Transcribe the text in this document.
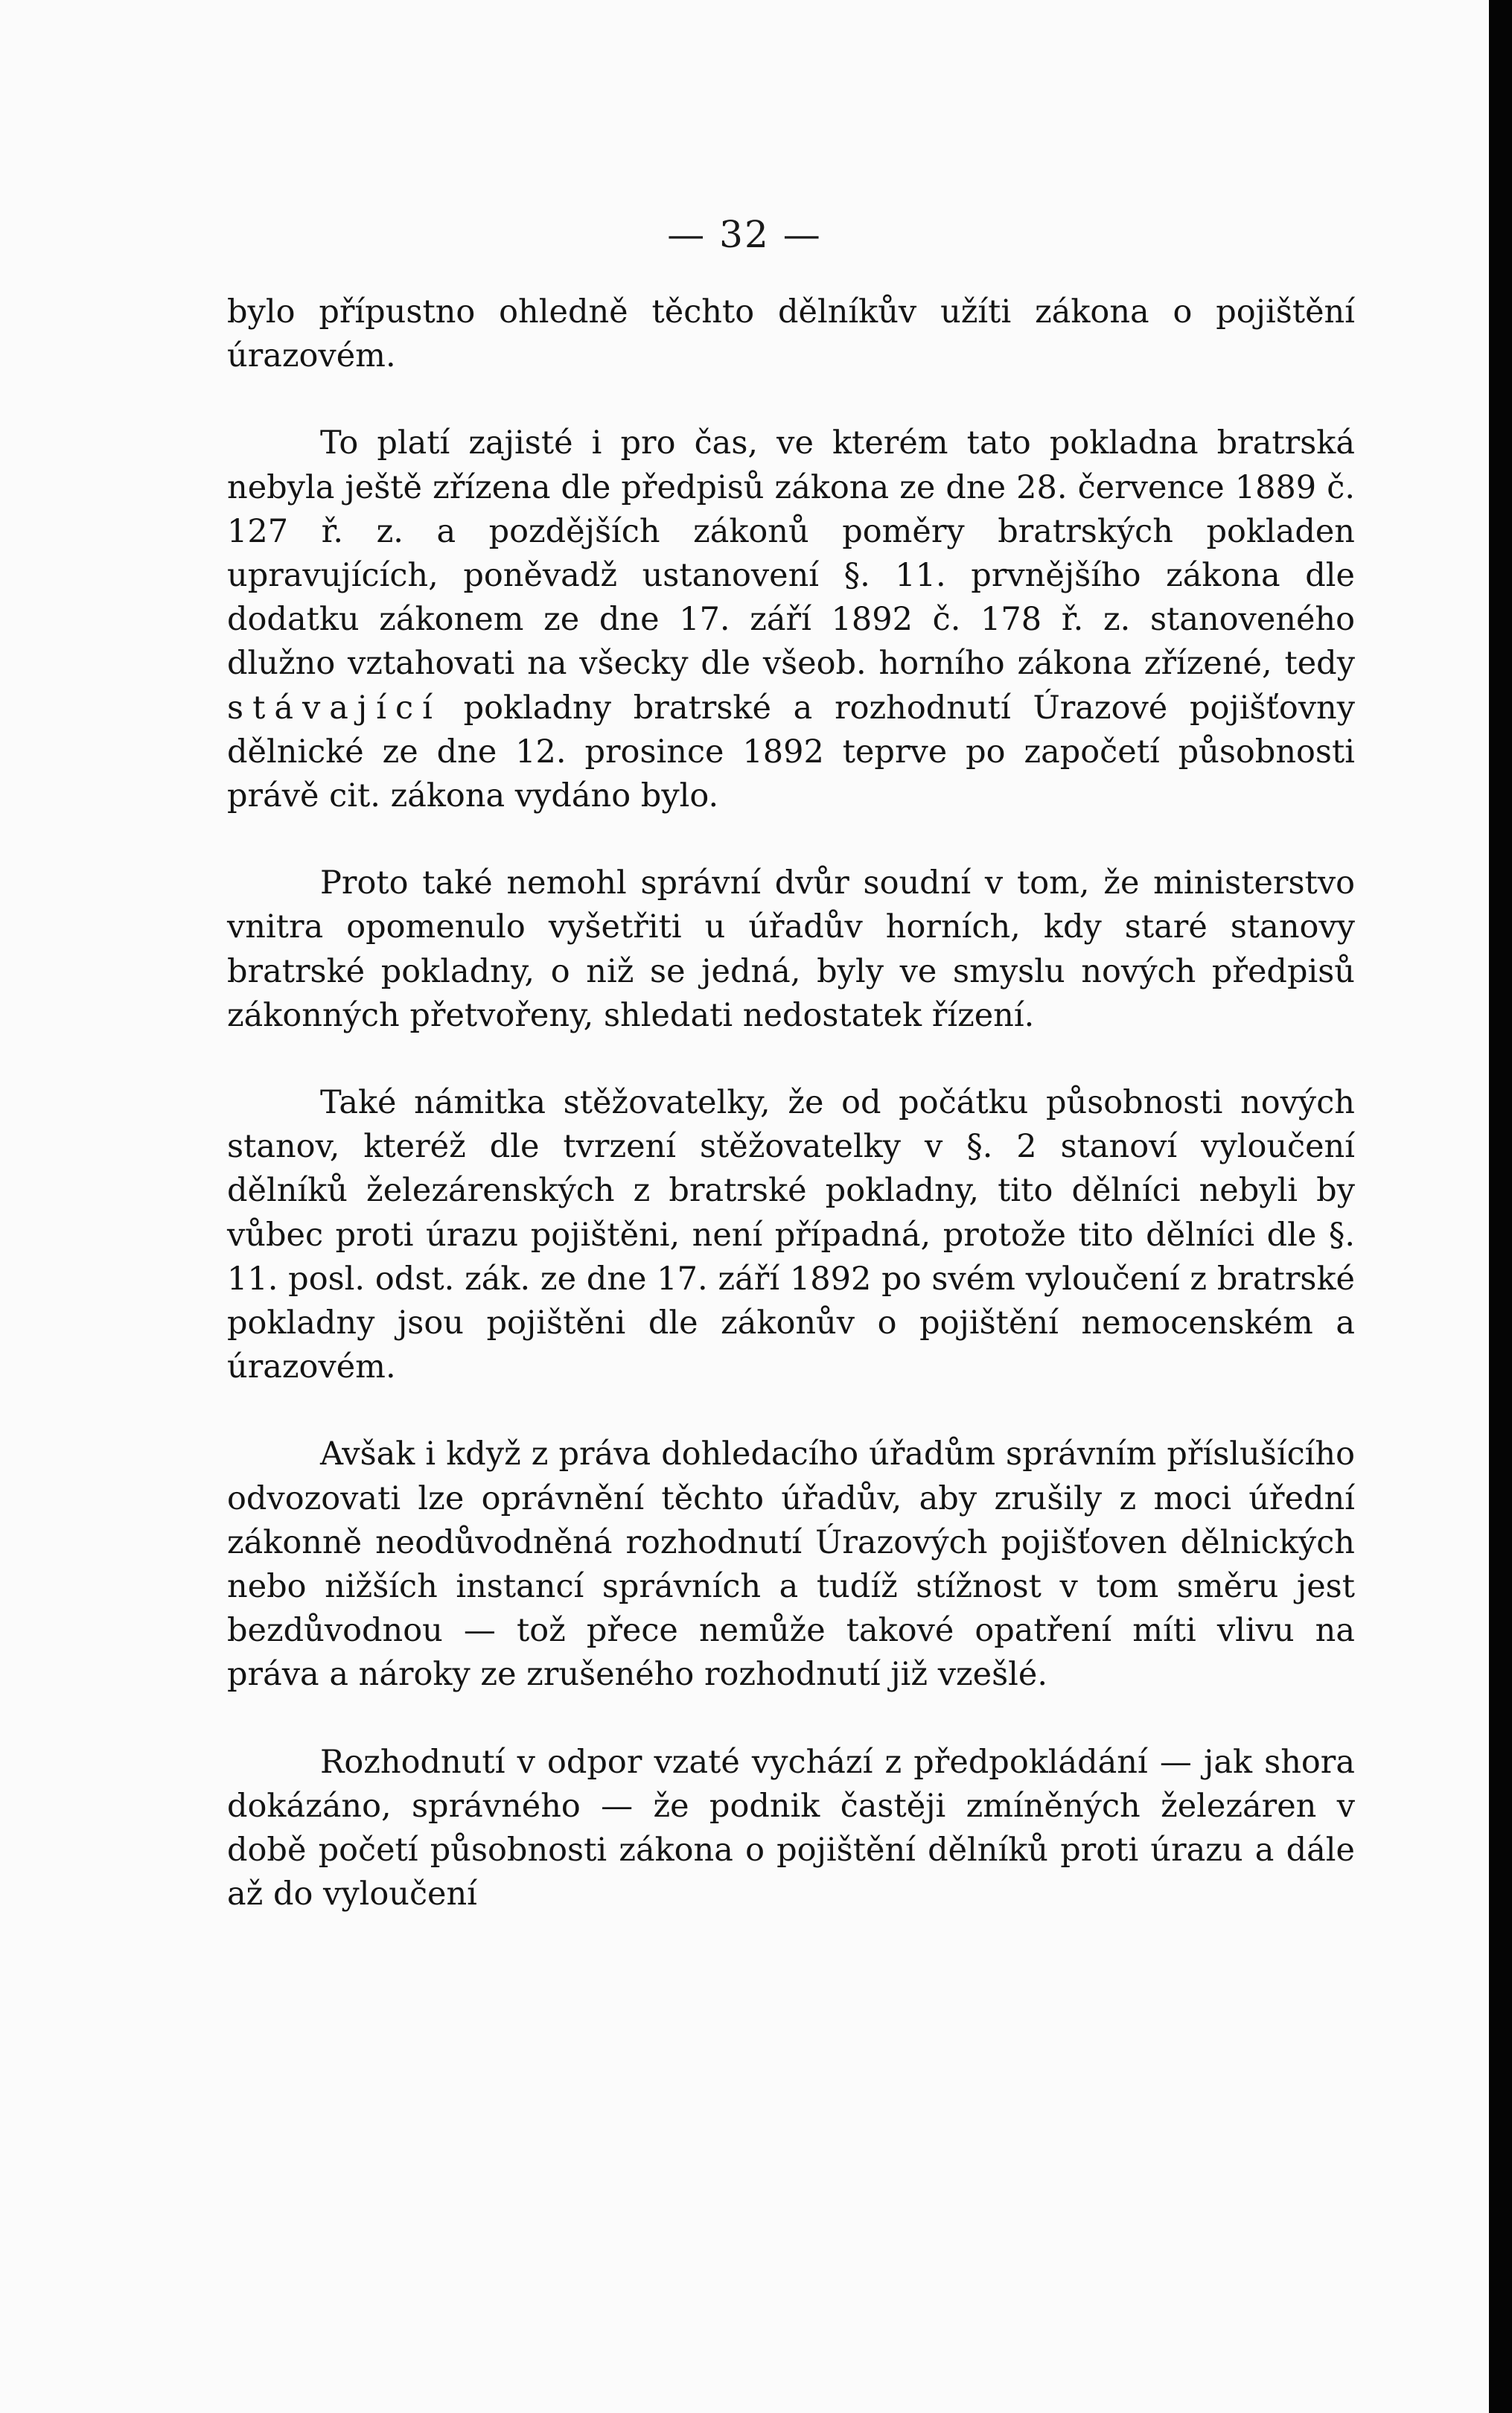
— 32 —

bylo přípustno ohledně těchto dělníkův užíti zákona o pojištění úrazovém.

To platí zajisté i pro čas, ve kterém tato pokladna bratrská nebyla ještě zřízena dle předpisů zákona ze dne 28. července 1889 č. 127 ř. z. a pozdějších zákonů poměry bratrských pokladen upravujících, poněvadž ustanovení §. 11. prvnějšího zákona dle dodatku zákonem ze dne 17. září 1892 č. 178 ř. z. stanoveného dlužno vztahovati na všecky dle všeob. horního zákona zřízené, tedy stávající pokladny bratrské a rozhodnutí Úrazové pojišťovny dělnické ze dne 12. prosince 1892 teprve po započetí působnosti právě cit. zákona vydáno bylo.

Proto také nemohl správní dvůr soudní v tom, že ministerstvo vnitra opomenulo vyšetřiti u úřadův horních, kdy staré stanovy bratrské pokladny, o niž se jedná, byly ve smyslu nových předpisů zákonných přetvořeny, shledati nedostatek řízení.

Také námitka stěžovatelky, že od počátku působnosti nových stanov, kteréž dle tvrzení stěžovatelky v §. 2 stanoví vyloučení dělníků železárenských z bratrské pokladny, tito dělníci nebyli by vůbec proti úrazu pojištěni, není případná, protože tito dělníci dle §. 11. posl. odst. zák. ze dne 17. září 1892 po svém vyloučení z bratrské pokladny jsou pojištěni dle zákonův o pojištění nemocenském a úrazovém.

Avšak i když z práva dohledacího úřadům správním příslušícího odvozovati lze oprávnění těchto úřadův, aby zrušily z moci úřední zákonně neodůvodněná rozhodnutí Úrazových pojišťoven dělnických nebo nižších instancí správních a tudíž stížnost v tom směru jest bezdůvodnou — tož přece nemůže takové opatření míti vlivu na práva a nároky ze zrušeného rozhodnutí již vzešlé.

Rozhodnutí v odpor vzaté vychází z předpokládání — jak shora dokázáno, správného — že podnik častěji zmíněných železáren v době početí působnosti zákona o pojištění dělníků proti úrazu a dále až do vyloučení
